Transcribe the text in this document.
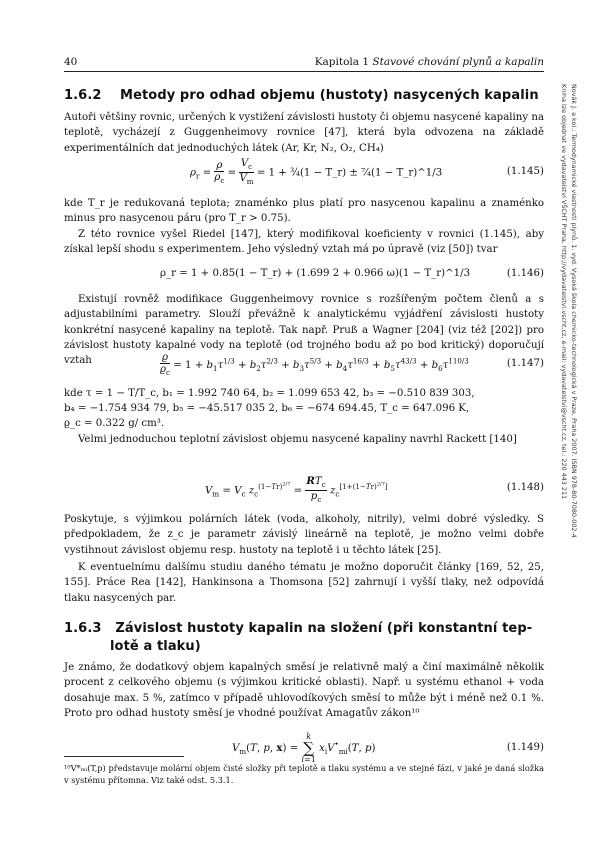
40	Kapitola 1 Stavové chování plynů a kapalin
Novák J. a kol.: Termodynamické vlastnosti plynů. 1. vyd. Vysoká škola chemicko-technologická v Praze, Praha 2007. ISBN 978-80-7080-002-4
Kniha lze objednat ve vydavatelství VŠCHT Praha, http://vydavatelstvi.vscht.cz, e-mail: vydavatelstvi@vscht.cz, tel.: 220 443 211
1.6.2 Metody pro odhad objemu (hustoty) nasycených kapalin
Autoři většiny rovnic, určených k vystižení závislosti hustoty či objemu nasycené kapaliny na teplotě, vycházejí z Guggenheimovy rovnice [47], která byla odvozena na základě experimentálních dat jednoduchých látek (Ar, Kr, N₂, O₂, CH₄)
$\rho_r = \frac{\rho}{\rho_c} = \frac{V_c}{V_m} = 1$ + ¾(1 − T_r) ± ⁷⁄₄(1 − T_r)^1/3	(1.145)
kde T_r je redukovaná teplota; znaménko plus platí pro nasycenou kapalinu a znaménko minus pro nasycenou páru (pro T_r > 0.75).
Z této rovnice vyšel Riedel [147], který modifikoval koeficienty v rovnici (1.145), aby získal lepší shodu s experimentem. Jeho výsledný vztah má po úpravě (viz [50]) tvar
ρ_r = 1 + 0.85(1 − T_r) + (1.699 2 + 0.966 ω)(1 − T_r)^1/3	(1.146)
Existují rovněž modifikace Guggenheimovy rovnice s rozšířeným počtem členů a s adjustabilními parametry. Slouží převážně k analytickému vyjádření závislosti hustoty konkrétní nasycené kapaliny na teplotě. Tak např. Pruß a Wagner [204] (viz též [202]) pro závislost hustoty kapalné vody na teplotě (od trojného bodu až po bod kritický) doporučují vztah	$\frac{ϱ}{ϱ_c} = 1 + b_1\tau^{1/3} + b_2\tau^{2/3} + b_3\tau^{5/3} + b_4\tau^{16/3} + b_5\tau^{43/3} + b_6\tau^{110/3}$	(1.147)
kde τ = 1 − T/T_c, b₁ = 1.992 740 64, b₂ = 1.099 653 42, b₃ = −0.510 839 303,
b₄ = −1.754 934 79, b₅ = −45.517 035 2, b₆ = −674 694.45, T_c = 647.096 K,
ϱ_c = 0.322 g/ cm³.
Velmi jednoduchou teplotní závislost objemu nasycené kapaliny navrhl Rackett [140]
$V_m = V_c$ $z_c^{(1-Tr)^{2/7}} = \frac{RT_c}{p_c} z_c[1+(1-Tr)2/7]$	(1.148)
Poskytuje, s výjimkou polárních látek (voda, alkoholy, nitrily), velmi dobré výsledky. S předpokladem, že z_c je parametr závislý lineárně na teplotě, je možno velmi dobře vystihnout závislost objemu resp. hustoty na teplotě i u těchto látek [25].
K eventuelnímu dalšímu studiu daného tématu je možno doporučit články [169, 52, 25, 155]. Práce Rea [142], Hankinsona a Thomsona [52] zahrnují i vyšší tlaky, než odpovídá tlaku nasycených par.
1.6.3 Závislost hustoty kapalin na složení (při konstantní tep-
lotě a tlaku)
Je známo, že dodatkový objem kapalných směsí je relativně malý a činí maximálně několik procent z celkového objemu (s výjimkou kritické oblasti). Např. u systému ethanol + voda dosahuje max. 5 %, zatímco v případě uhlovodíkových směsí to může být i méně než 0.1 %. Proto pro odhad hustoty směsí je vhodné používat Amagatův zákon¹⁰
$V_m(T$, p, x) =
k
∑
i=1
$x_iV^•_{mi}(T$, p)	(1.149)
¹⁰V*ₘᵢ(T,p) představuje molární objem čisté složky při teplotě a tlaku systému a ve stejné fázi, v jaké je daná složka v systému přítomna. Viz také odst. 5.3.1.
